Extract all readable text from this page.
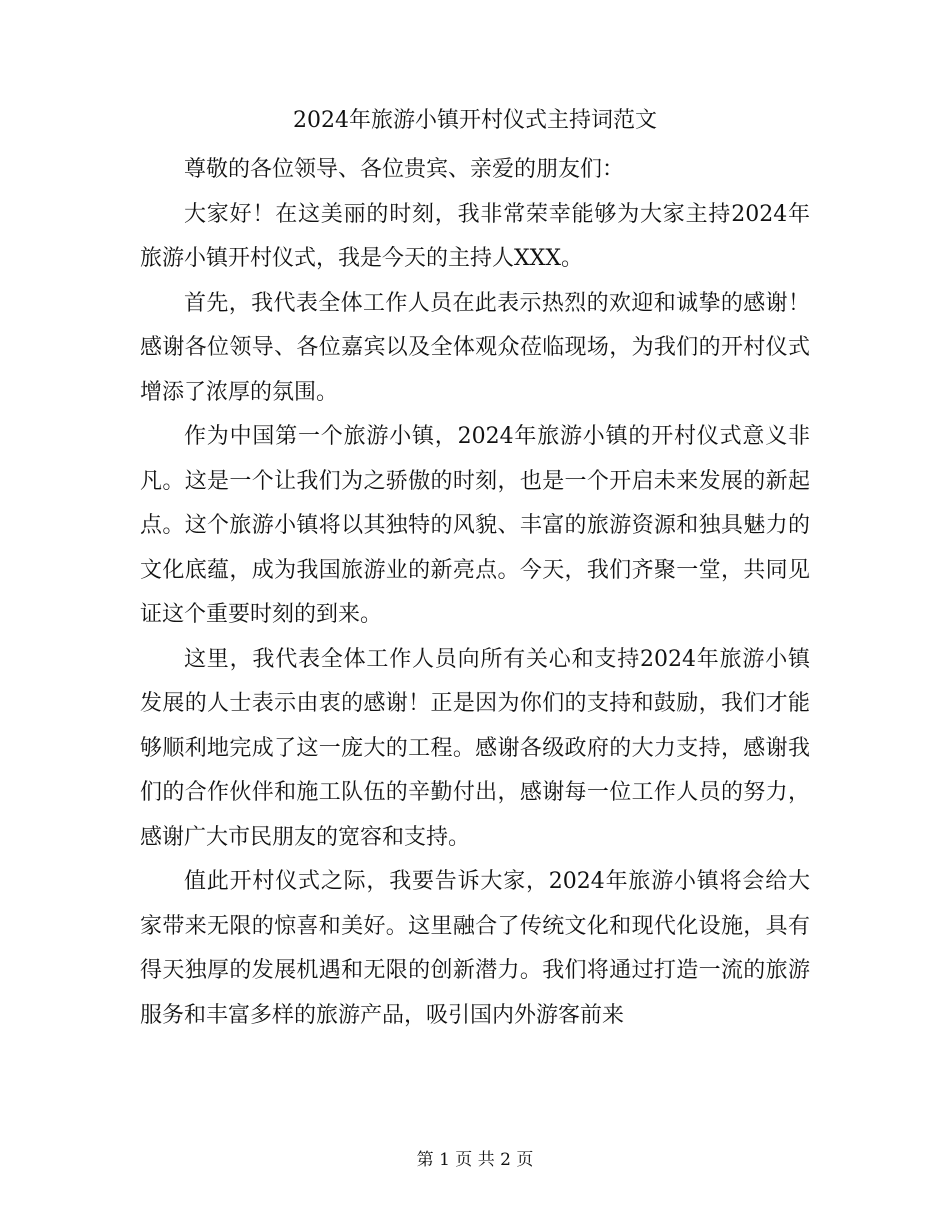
2024年旅游小镇开村仪式主持词范文

尊敬的各位领导、各位贵宾、亲爱的朋友们：

大家好！在这美丽的时刻，我非常荣幸能够为大家主持2024年旅游小镇开村仪式，我是今天的主持人XXX。

首先，我代表全体工作人员在此表示热烈的欢迎和诚挚的感谢！感谢各位领导、各位嘉宾以及全体观众莅临现场，为我们的开村仪式增添了浓厚的氛围。

作为中国第一个旅游小镇，2024年旅游小镇的开村仪式意义非凡。这是一个让我们为之骄傲的时刻，也是一个开启未来发展的新起点。这个旅游小镇将以其独特的风貌、丰富的旅游资源和独具魅力的文化底蕴，成为我国旅游业的新亮点。今天，我们齐聚一堂，共同见证这个重要时刻的到来。

这里，我代表全体工作人员向所有关心和支持2024年旅游小镇发展的人士表示由衷的感谢！正是因为你们的支持和鼓励，我们才能够顺利地完成了这一庞大的工程。感谢各级政府的大力支持，感谢我们的合作伙伴和施工队伍的辛勤付出，感谢每一位工作人员的努力，感谢广大市民朋友的宽容和支持。

值此开村仪式之际，我要告诉大家，2024年旅游小镇将会给大家带来无限的惊喜和美好。这里融合了传统文化和现代化设施，具有得天独厚的发展机遇和无限的创新潜力。我们将通过打造一流的旅游服务和丰富多样的旅游产品，吸引国内外游客前来

第 1 页 共 2 页
